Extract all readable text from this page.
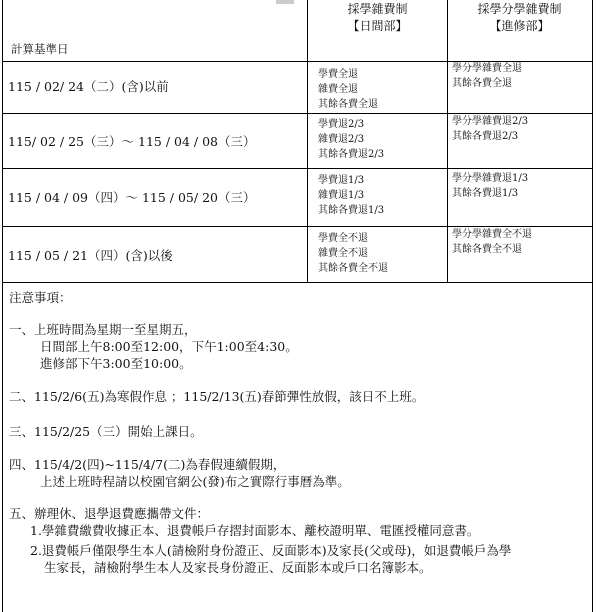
採學雜費制
【日間部】
採學分學雜費制
【進修部】
計算基準日
115 / 02/ 24（二）(含)以前
學費全退
雜費全退
其餘各費全退
學分學雜費全退
其餘各費全退
115/ 02 / 25（三）～ 115 / 04 / 08（三）
學費退2/3
雜費退2/3
其餘各費退2/3
學分學雜費退2/3
其餘各費退2/3
115 / 04 / 09（四）～ 115 / 05/ 20（三）
學費退1/3
雜費退1/3
其餘各費退1/3
學分學雜費退1/3
其餘各費退1/3
115 / 05 / 21（四）(含)以後
學費全不退
雜費全不退
其餘各費全不退
學分學雜費全不退
其餘各費全不退
注意事項：
一、上班時間為星期一至星期五，
日間部上午8:00至12:00，下午1:00至4:30。
進修部下午3:00至10:00。
二、115/2/6(五)為寒假作息 ；115/2/13(五)春節彈性放假，該日不上班。
三、115/2/25（三）開始上課日。
四、115/4/2(四)~115/4/7(二)為春假連續假期，
上述上班時程請以校園官網公(發)布之實際行事曆為準。
五、辦理休、退學退費應攜帶文件：
1.學雜費繳費收據正本、退費帳戶存摺封面影本、離校證明單、電匯授權同意書。
2.退費帳戶僅限學生本人(請檢附身份證正、反面影本)及家長(父或母)，如退費帳戶為學
生家長，請檢附學生本人及家長身份證正、反面影本或戶口名簿影本。
